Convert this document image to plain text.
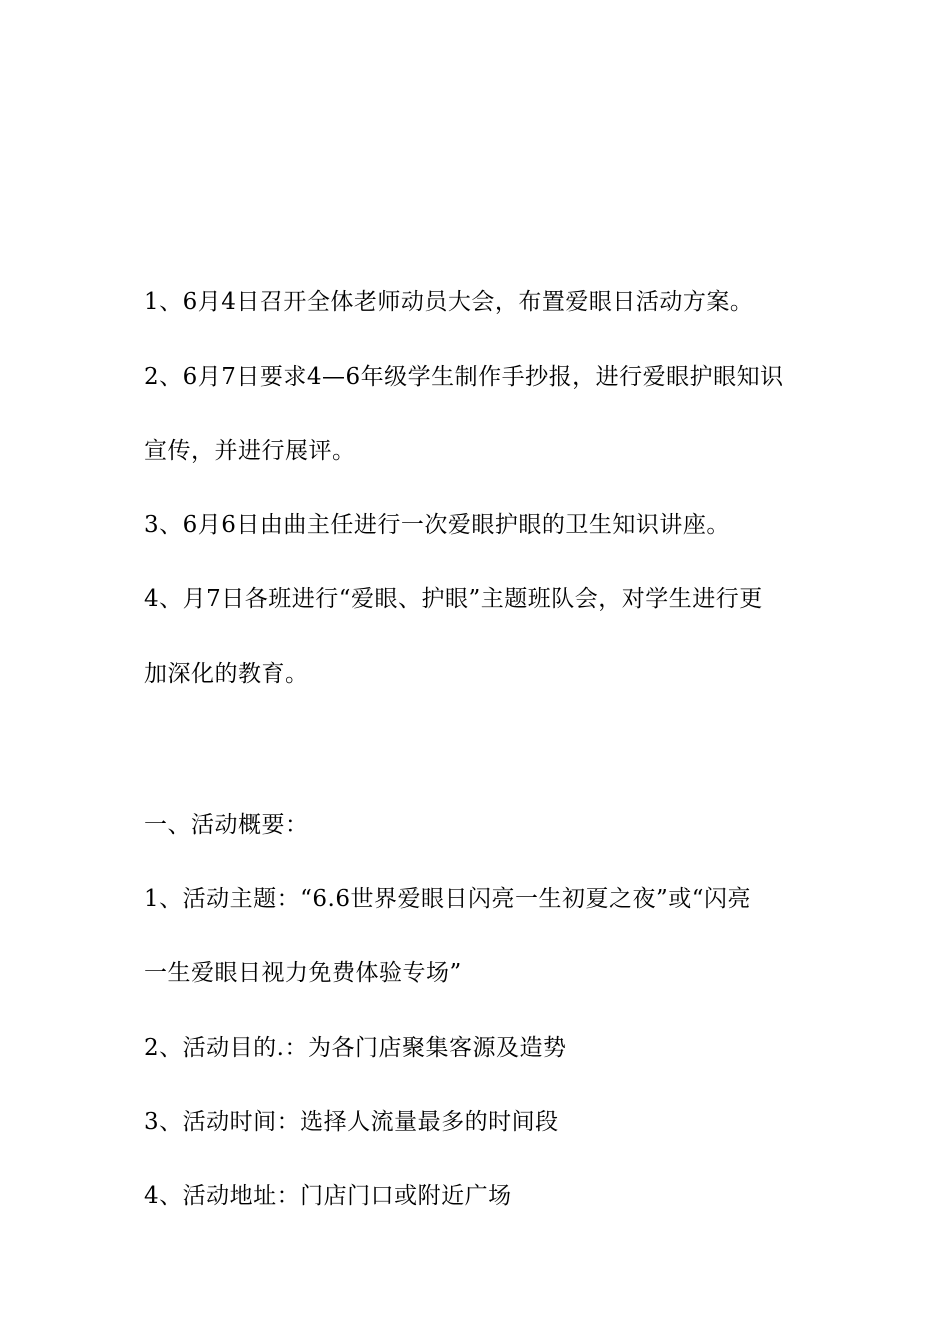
1、6月4日召开全体老师动员大会，布置爱眼日活动方案。
2、6月7日要求4—6年级学生制作手抄报，进行爱眼护眼知识
宣传，并进行展评。
3、6月6日由曲主任进行一次爱眼护眼的卫生知识讲座。
4、月7日各班进行“爱眼、护眼”主题班队会，对学生进行更
加深化的教育。
一、活动概要：
1、活动主题：“6.6世界爱眼日闪亮一生初夏之夜”或“闪亮
一生爱眼日视力免费体验专场”
2、活动目的.：为各门店聚集客源及造势
3、活动时间：选择人流量最多的时间段
4、活动地址：门店门口或附近广场
